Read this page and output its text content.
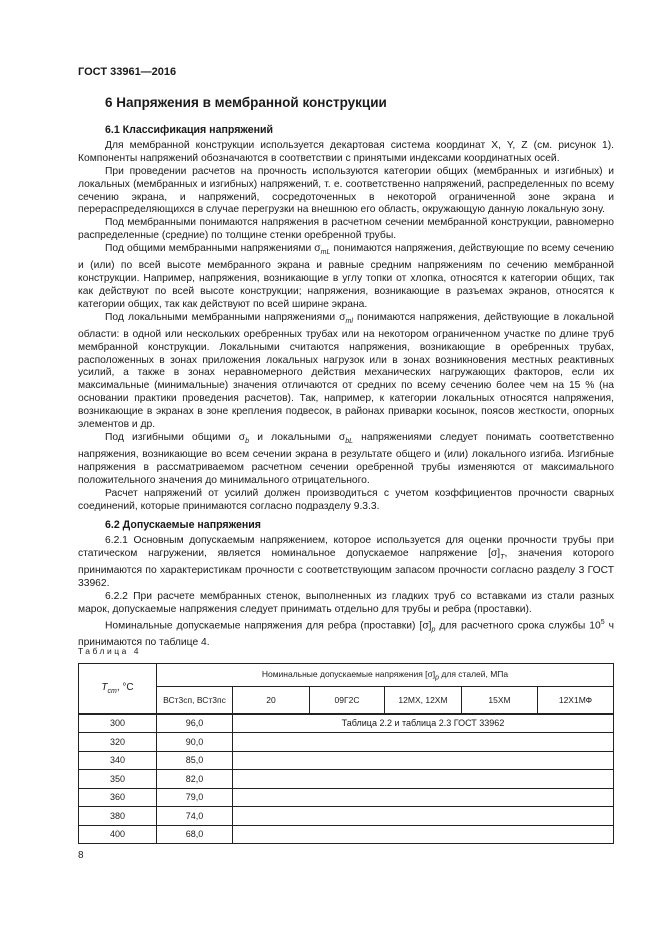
ГОСТ 33961—2016
6 Напряжения в мембранной конструкции

6.1 Классификация напряжений

Для мембранной конструкции используется декартовая система координат X, Y, Z (см. рисунок 1). Компоненты напряжений обозначаются в соответствии с принятыми индексами координатных осей.

При проведении расчетов на прочность используются категории общих (мембранных и изгибных) и локальных (мембранных и изгибных) напряжений, т. е. соответственно напряжений, распределенных по всему сечению экрана, и напряжений, сосредоточенных в некоторой ограниченной зоне экрана и перераспределяющихся в случае перегрузки на внешнюю его область, окружающую данную локальную зону.

Под мембранными понимаются напряжения в расчетном сечении мембранной конструкции, равномерно распределенные (средние) по толщине стенки оребренной трубы.

Под общими мембранными напряжениями $\sigma_{mL}$ понимаются напряжения, действующие по всему сечению и (или) по всей высоте мембранного экрана и равные средним напряжениям по сечению мембранной конструкции. Например, напряжения, возникающие в углу топки от хлопка, относятся к категории общих, так как действуют по всей высоте конструкции; напряжения, возникающие в разъемах экранов, относятся к категории общих, так как действуют по всей ширине экрана.

Под локальными мембранными напряжениями $\sigma_{ml}$ понимаются напряжения, действующие в локальной области: в одной или нескольких оребренных трубах или на некотором ограниченном участке по длине труб мембранной конструкции. Локальными считаются напряжения, возникающие в оребренных трубах, расположенных в зонах приложения локальных нагрузок или в зонах возникновения местных реактивных усилий, а также в зонах неравномерного действия механических нагружающих факторов, если их максимальные (минимальные) значения отличаются от средних по всему сечению более чем на 15 % (на основании практики проведения расчетов). Так, например, к категории локальных относятся напряжения, возникающие в экранах в зоне крепления подвесок, в районах приварки косынок, поясов жесткости, опорных элементов и др.

Под изгибными общими $\sigma_b$ и локальными $\sigma_{bL}$ напряжениями следует понимать соответственно напряжения, возникающие во всем сечении экрана в результате общего и (или) локального изгиба. Изгибные напряжения в рассматриваемом расчетном сечении оребренной трубы изменяются от максимального положительного значения до минимального отрицательного.

Расчет напряжений от усилий должен производиться с учетом коэффициентов прочности сварных соединений, которые принимаются согласно подразделу 9.3.3.

6.2 Допускаемые напряжения

6.2.1 Основным допускаемым напряжением, которое используется для оценки прочности трубы при статическом нагружении, является номинальное допускаемое напряжение $[\sigma]_T$, значения которого принимаются по характеристикам прочности с соответствующим запасом прочности согласно разделу 3 ГОСТ 33962.

6.2.2 При расчете мембранных стенок, выполненных из гладких труб со вставками из стали разных марок, допускаемые напряжения следует принимать отдельно для трубы и ребра (проставки).

Номинальные допускаемые напряжения для ребра (проставки) $[\sigma]_p$ для расчетного срока службы $10^5$ ч принимаются по таблице 4.

Таблица 4
$T_{ст}$, °C	Номинальные допускаемые напряжения $[\sigma]_p$ для сталей, МПа					
	ВСт3сп, ВСт3пс	20	09Г2С	12МХ, 12ХМ	15ХМ	12Х1МФ
300	96,0	Таблица 2.2 и таблица 2.3 ГОСТ 33962				
320	90,0					
340	85,0					
350	82,0					
360	79,0					
380	74,0					
400	68,0					
8
